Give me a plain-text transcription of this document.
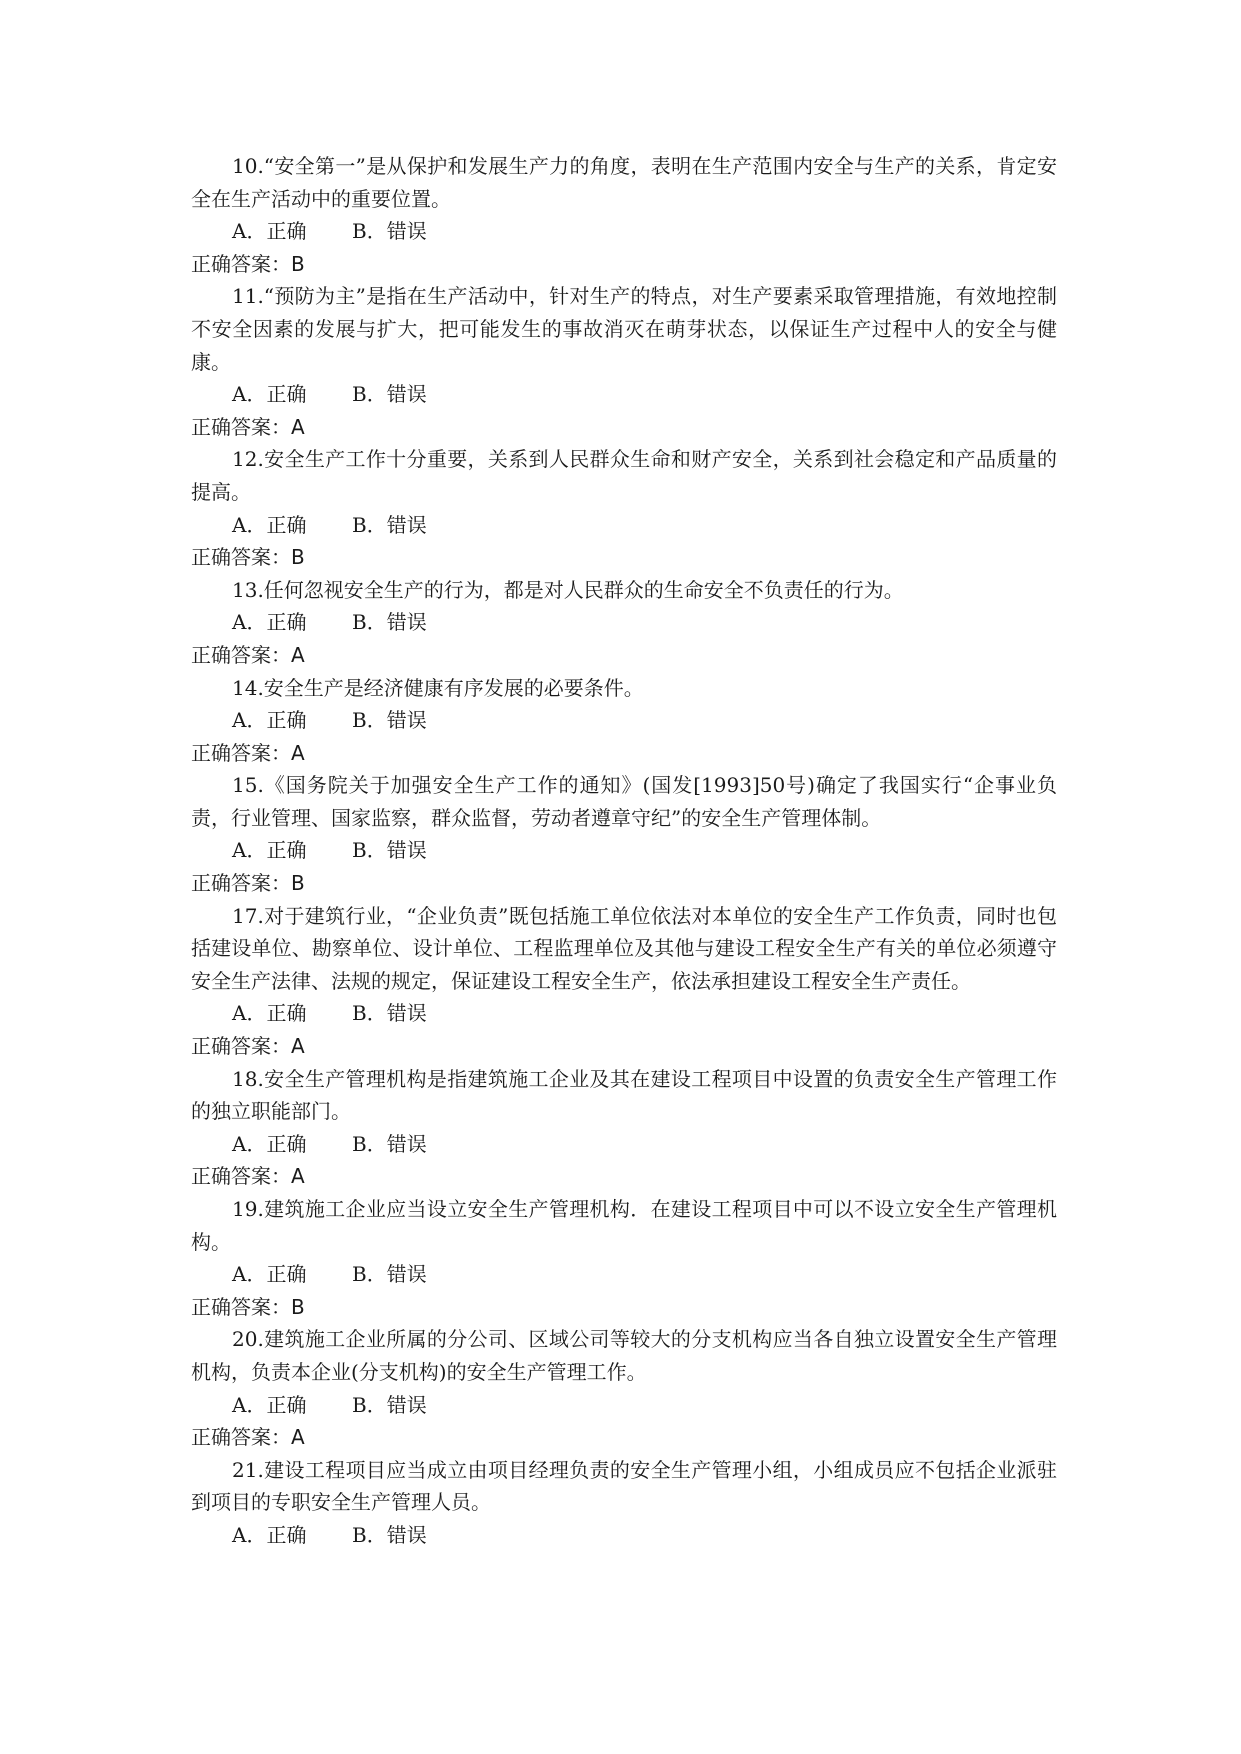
10.“安全第一”是从保护和发展生产力的角度，表明在生产范围内安全与生产的关系，肯定安全在生产活动中的重要位置。

A．正确 B．错误

正确答案：B

11.“预防为主”是指在生产活动中，针对生产的特点，对生产要素采取管理措施，有效地控制不安全因素的发展与扩大，把可能发生的事故消灭在萌芽状态，以保证生产过程中人的安全与健康。

A．正确 B．错误

正确答案：A

12.安全生产工作十分重要，关系到人民群众生命和财产安全，关系到社会稳定和产品质量的提高。

A．正确 B．错误

正确答案：B

13.任何忽视安全生产的行为，都是对人民群众的生命安全不负责任的行为。

A．正确 B．错误

正确答案：A

14.安全生产是经济健康有序发展的必要条件。

A．正确 B．错误

正确答案：A

15.《国务院关于加强安全生产工作的通知》(国发[1993]50号)确定了我国实行“企事业负责，行业管理、国家监察，群众监督，劳动者遵章守纪”的安全生产管理体制。

A．正确 B．错误

正确答案：B

17.对于建筑行业，“企业负责”既包括施工单位依法对本单位的安全生产工作负责，同时也包括建设单位、勘察单位、设计单位、工程监理单位及其他与建设工程安全生产有关的单位必须遵守安全生产法律、法规的规定，保证建设工程安全生产，依法承担建设工程安全生产责任。

A．正确 B．错误

正确答案：A

18.安全生产管理机构是指建筑施工企业及其在建设工程项目中设置的负责安全生产管理工作的独立职能部门。

A．正确 B．错误

正确答案：A

19.建筑施工企业应当设立安全生产管理机构．在建设工程项目中可以不设立安全生产管理机构。

A．正确 B．错误

正确答案：B

20.建筑施工企业所属的分公司、区域公司等较大的分支机构应当各自独立设置安全生产管理机构，负责本企业(分支机构)的安全生产管理工作。

A．正确 B．错误

正确答案：A

21.建设工程项目应当成立由项目经理负责的安全生产管理小组，小组成员应不包括企业派驻到项目的专职安全生产管理人员。

A．正确 B．错误
